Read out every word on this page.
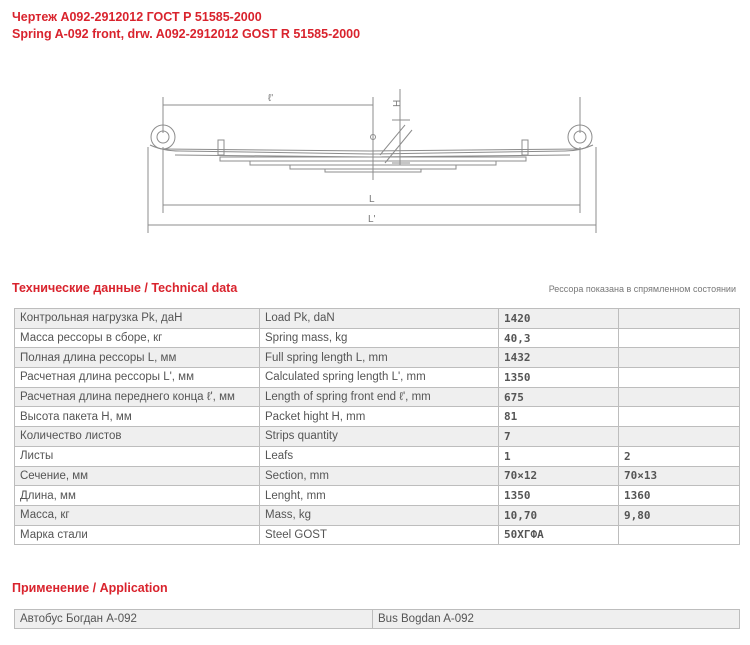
Чертеж А092-2912012 ГОСТ Р 51585-2000
Spring A-092 front, drw. A092-2912012 GOST R 51585-2000
ℓ'	H
L
L'
Технические данные / Technical data	Рессора показана в спрямленном состоянии
Контрольная нагрузка Pk, даН	Load Pk, daN	1420	
Масса рессоры в сборе, кг	Spring mass, kg	40,3	
Полная длина рессоры L, мм	Full spring length L, mm	1432	
Расчетная длина рессоры L', мм	Calculated spring length L', mm	1350	
Расчетная длина переднего конца ℓ', мм	Length of spring front end ℓ', mm	675	
Высота пакета H, мм	Packet hight H, mm	81	
Количество листов	Strips quantity	7	
Листы	Leafs	1	2
Сечение, мм	Section, mm	70×12	70×13
Длина, мм	Lenght, mm	1350	1360
Масса, кг	Mass, kg	10,70	9,80
Марка стали	Steel GOST	50ХГФА	
Применение / Application
Автобус Богдан А-092	Bus Bogdan A-092
